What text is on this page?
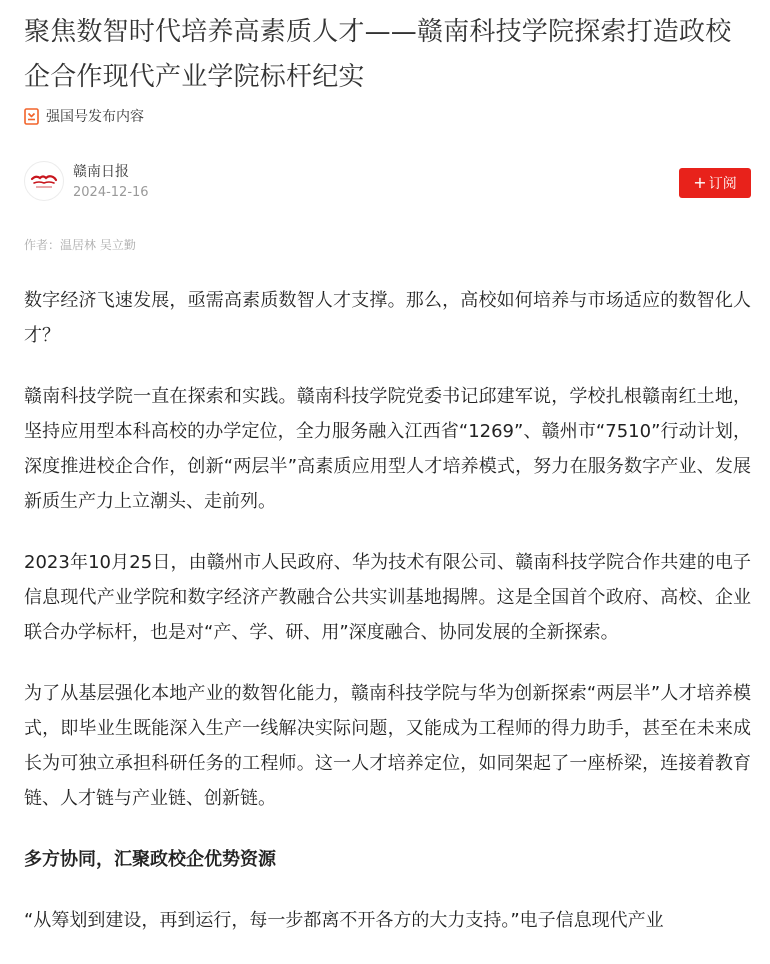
聚焦数智时代培养高素质人才——赣南科技学院探索打造政校企合作现代产业学院标杆纪实
强国号发布内容
赣南日报
2024-12-16
+ 订阅
作者：温居林 吴立勤

数字经济飞速发展，亟需高素质数智人才支撑。那么，高校如何培养与市场适应的数智化人才？

赣南科技学院一直在探索和实践。赣南科技学院党委书记邱建军说，学校扎根赣南红土地，坚持应用型本科高校的办学定位，全力服务融入江西省“1269”、赣州市“7510”行动计划，深度推进校企合作，创新“两层半”高素质应用型人才培养模式，努力在服务数字产业、发展新质生产力上立潮头、走前列。

2023年10月25日，由赣州市人民政府、华为技术有限公司、赣南科技学院合作共建的电子信息现代产业学院和数字经济产教融合公共实训基地揭牌。这是全国首个政府、高校、企业联合办学标杆，也是对“产、学、研、用”深度融合、协同发展的全新探索。

为了从基层强化本地产业的数智化能力，赣南科技学院与华为创新探索“两层半”人才培养模式，即毕业生既能深入生产一线解决实际问题，又能成为工程师的得力助手，甚至在未来成长为可独立承担科研任务的工程师。这一人才培养定位，如同架起了一座桥梁，连接着教育链、人才链与产业链、创新链。

多方协同，汇聚政校企优势资源

“从筹划到建设，再到运行，每一步都离不开各方的大力支持。”电子信息现代产业
